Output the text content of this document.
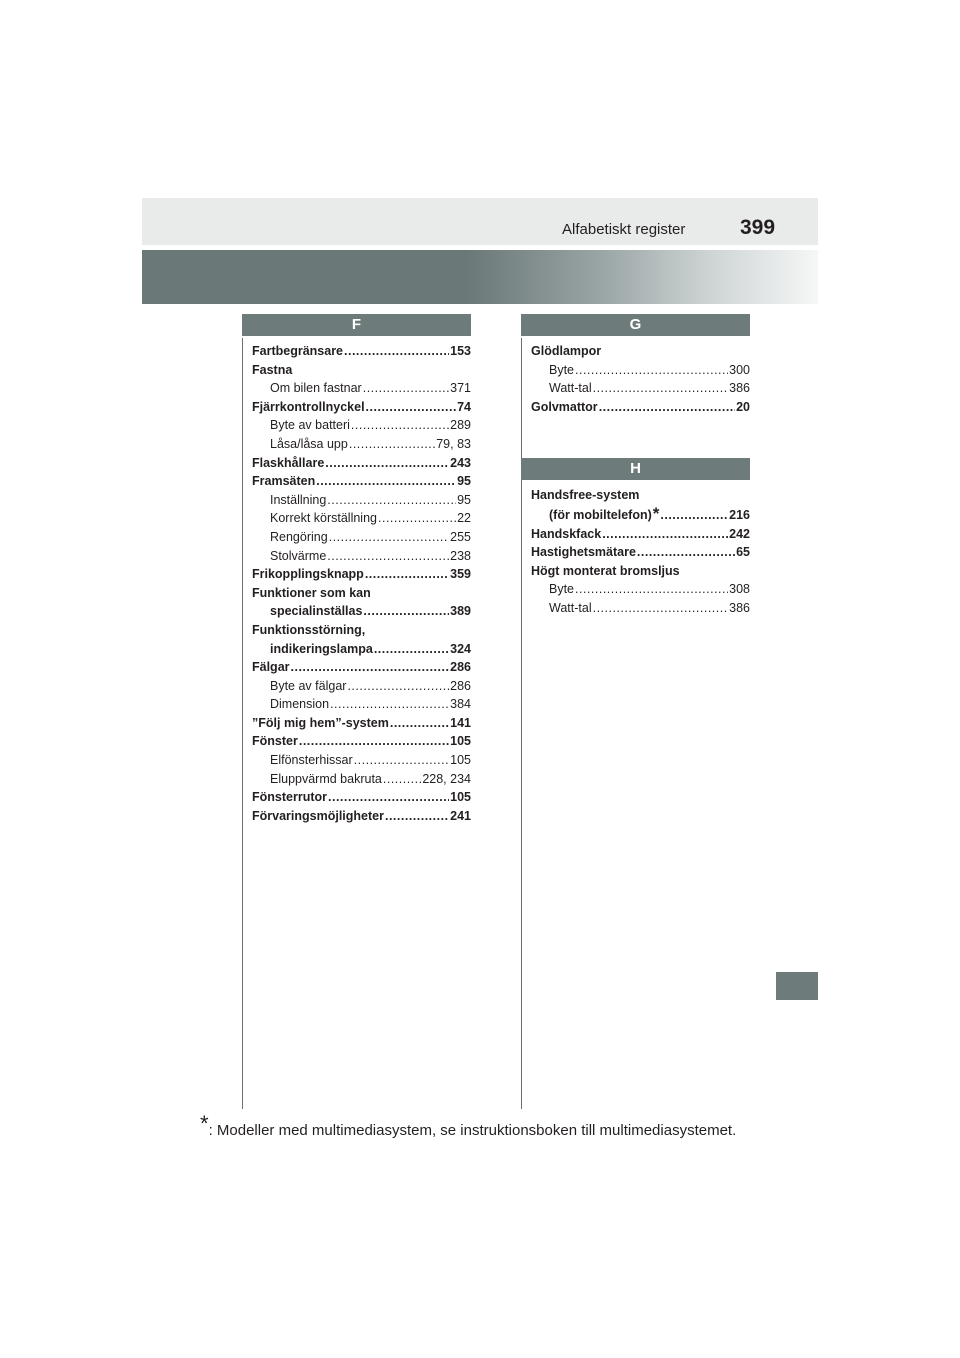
Alfabetiskt register	399
F
Fartbegränsare .....	153
Fastna
Om bilen fastnar .....	371
Fjärrkontrollnyckel .....	74
Byte av batteri .....	289
Låsa/låsa upp .....	79, 83
Flaskhållare .....	243
Framsäten .....	95
Inställning .....	95
Korrekt körställning .....	22
Rengöring .....	255
Stolvärme .....	238
Frikopplingsknapp .....	359
Funktioner som kan
specialinställas .....	389
Funktionsstörning,
indikeringslampa .....	324
Fälgar .....	286
Byte av fälgar .....	286
Dimension .....	384
”Följ mig hem”-system .....	141
Fönster .....	105
Elfönsterhissar .....	105
Eluppvärmd bakruta .....	228, 234
Fönsterrutor .....	105
Förvaringsmöjligheter .....	241
G
Glödlampor
Byte .....	300
Watt-tal .....	386
Golvmattor .....	20
H
Handsfree-system
(för mobiltelefon) * .....	216
Handskfack .....	242
Hastighetsmätare .....	65
Högt monterat bromsljus
Byte .....	308
Watt-tal .....	386
*: Modeller med multimediasystem, se instruktionsboken till multimediasystemet.
